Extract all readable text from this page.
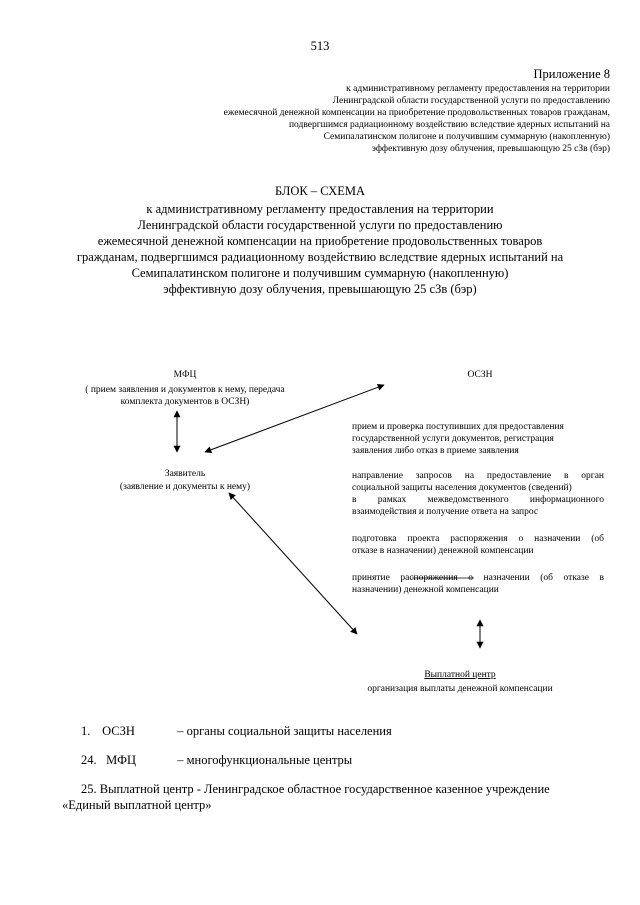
513
Приложение 8
к административному регламенту предоставления на территории
Ленинградской области государственной услуги по предоставлению
ежемесячной денежной компенсации на приобретение продовольственных товаров гражданам,
подвергшимся радиационному воздействию вследствие ядерных испытаний на
Семипалатинском полигоне и получившим суммарную (накопленную)
эффективную дозу облучения, превышающую 25 сЗв (бэр)
БЛОК – СХЕМА
к административному регламенту предоставления на территории
Ленинградской области государственной услуги по предоставлению
ежемесячной денежной компенсации на приобретение продовольственных товаров
гражданам, подвергшимся радиационному воздействию вследствие ядерных испытаний на
Семипалатинском полигоне и получившим суммарную (накопленную)
эффективную дозу облучения, превышающую 25 сЗв (бэр)
МФЦ
( прием заявления и документов к нему, передача
комплекта документов в ОСЗН)
Заявитель
(заявление и документы к нему)
ОСЗН
прием и проверка поступивших для предоставления
государственной услуги документов, регистрация
заявления либо отказ в приеме заявления
направление запросов на предоставление в орган
социальной защиты населения документов (сведений)
в рамках межведомственного информационного
взаимодействия и получение ответа на запрос
подготовка проекта распоряжения о назначении (об
отказе в назначении) денежной компенсации
принятие распоряжения о назначении (об отказе в
назначении) денежной компенсации
Выплатной центр
организация выплаты денежной компенсации
1. ОСЗН	– органы социальной защиты населения
24. МФЦ	– многофункциональные центры
25. Выплатной центр - Ленинградское областное государственное казенное учреждение
«Единый выплатной центр»
